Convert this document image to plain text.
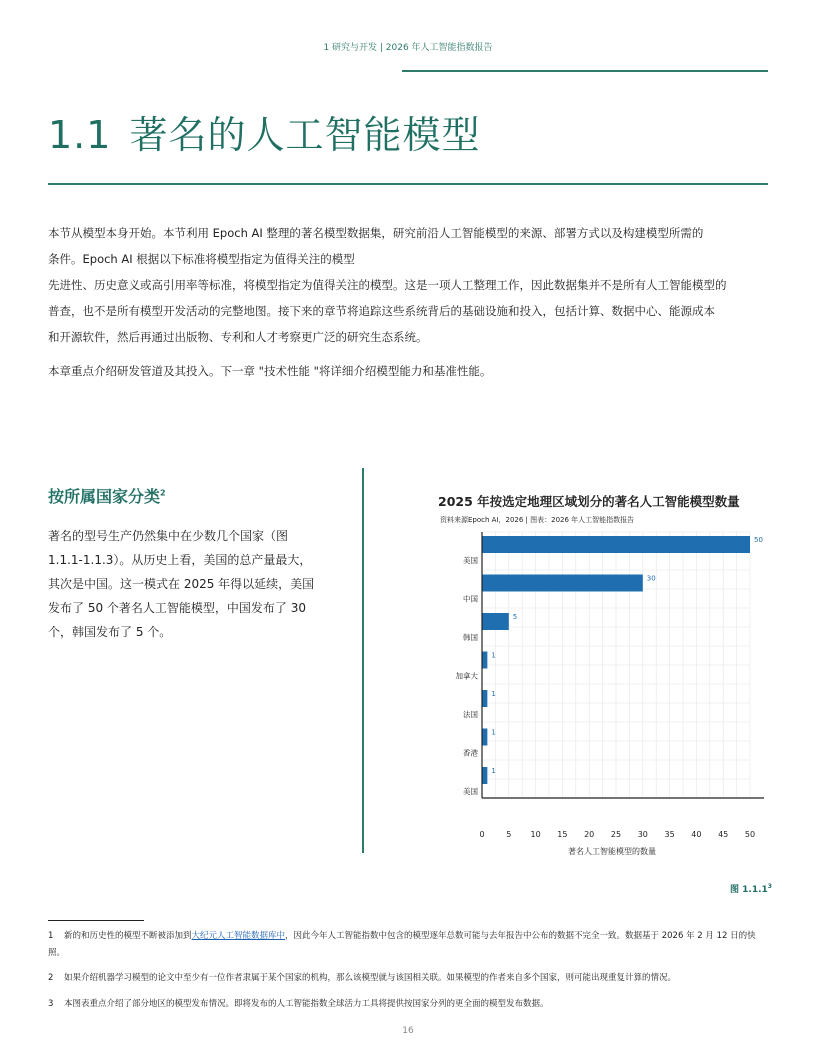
1 研究与开发 | 2026 年人工智能指数报告
1.1 著名的人工智能模型

本节从模型本身开始。本节利用 Epoch AI 整理的著名模型数据集，研究前沿人工智能模型的来源、部署方式以及构建模型所需的
条件。Epoch AI 根据以下标准将模型指定为值得关注的模型
先进性、历史意义或高引用率等标准，将模型指定为值得关注的模型。这是一项人工整理工作，因此数据集并不是所有人工智能模型的
普查，也不是所有模型开发活动的完整地图。接下来的章节将追踪这些系统背后的基础设施和投入，包括计算、数据中心、能源成本
和开源软件，然后再通过出版物、专利和人才考察更广泛的研究生态系统。

本章重点介绍研发管道及其投入。下一章 "技术性能 "将详细介绍模型能力和基准性能。

按所属国家分类$^2$
著名的型号生产仍然集中在少数几个国家（图
1.1.1-1.1.3）。从历史上看，美国的总产量最大，
其次是中国。这一模式在 2025 年得以延续，美国
发布了 50 个著名人工智能模型，中国发布了 30
个，韩国发布了 5 个。
2025 年按选定地理区域划分的著名人工智能模型数量
资料来源Epoch AI，2026 | 图表：2026 年人工智能指数报告
美国
中国
韩国
加拿大
法国
香港
美国
50
30
5
1
1
1
1
0	5 10 15 20 25 30 35 40 45 50
著名人工智能模型的数量
图 1.1.1$^3$
1 新的和历史性的模型不断被添加到大纪元人工智能数据库中，因此今年人工智能指数中包含的模型逐年总数可能与去年报告中公布的数据不完全一致。数据基于 2026 年 2 月 12 日的快照。
2 如果介绍机器学习模型的论文中至少有一位作者隶属于某个国家的机构，那么该模型就与该国相关联。如果模型的作者来自多个国家，则可能出现重复计算的情况。
3 本图表重点介绍了部分地区的模型发布情况。即将发布的人工智能指数全球活力工具将提供按国家分列的更全面的模型发布数据。
16
